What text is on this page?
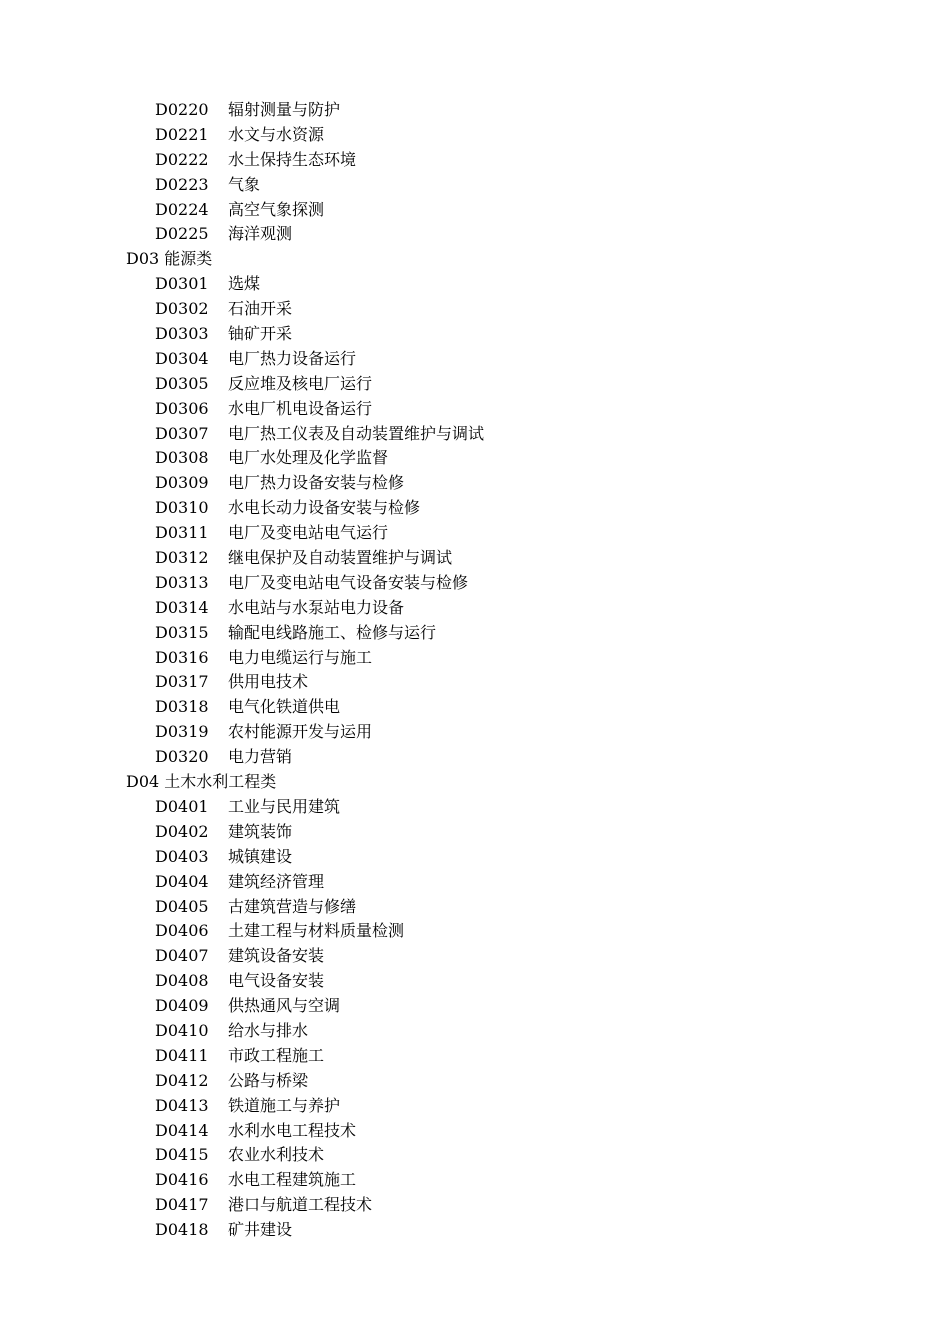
D0220 辐射测量与防护
D0221 水文与水资源
D0222 水土保持生态环境
D0223 气象
D0224 高空气象探测
D0225 海洋观测
D03 能源类
D0301 选煤
D0302 石油开采
D0303 铀矿开采
D0304 电厂热力设备运行
D0305 反应堆及核电厂运行
D0306 水电厂机电设备运行
D0307 电厂热工仪表及自动装置维护与调试
D0308 电厂水处理及化学监督
D0309 电厂热力设备安装与检修
D0310 水电长动力设备安装与检修
D0311 电厂及变电站电气运行
D0312 继电保护及自动装置维护与调试
D0313 电厂及变电站电气设备安装与检修
D0314 水电站与水泵站电力设备
D0315 输配电线路施工、检修与运行
D0316 电力电缆运行与施工
D0317 供用电技术
D0318 电气化铁道供电
D0319 农村能源开发与运用
D0320 电力营销
D04 土木水利工程类
D0401 工业与民用建筑
D0402 建筑装饰
D0403 城镇建设
D0404 建筑经济管理
D0405 古建筑营造与修缮
D0406 土建工程与材料质量检测
D0407 建筑设备安装
D0408 电气设备安装
D0409 供热通风与空调
D0410 给水与排水
D0411 市政工程施工
D0412 公路与桥梁
D0413 铁道施工与养护
D0414 水利水电工程技术
D0415 农业水利技术
D0416 水电工程建筑施工
D0417 港口与航道工程技术
D0418 矿井建设
